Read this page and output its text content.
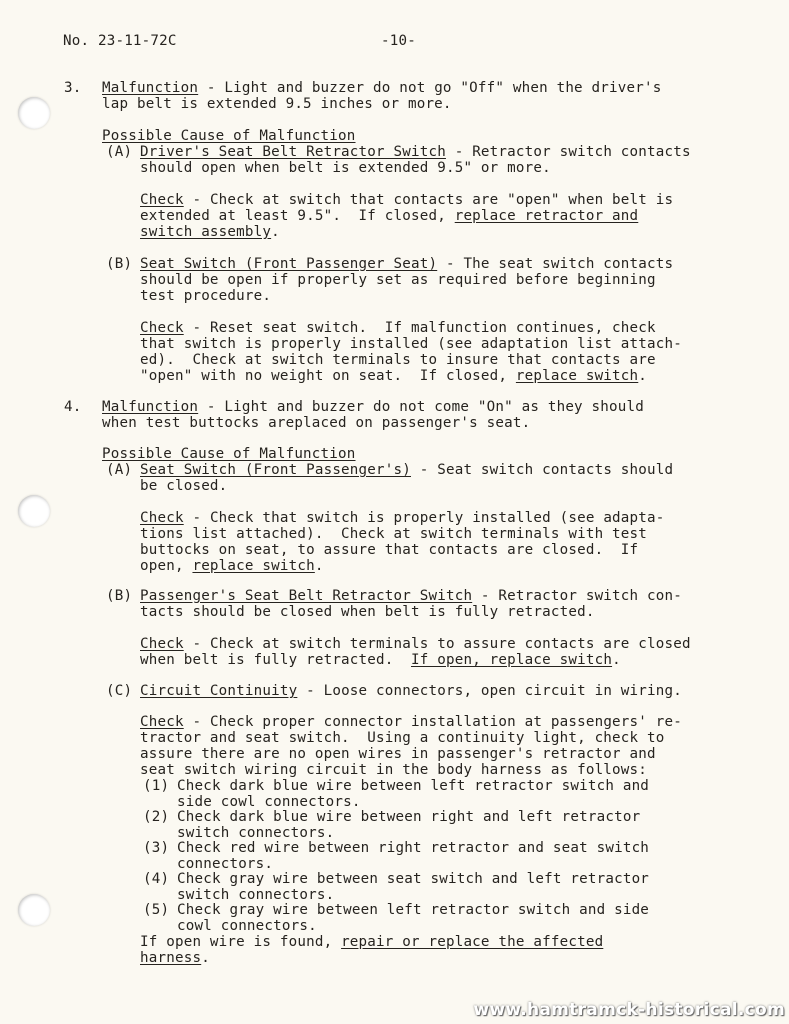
No. 23-11-72C	-10-
3. Malfunction - Light and buzzer do not go "Off" when the driver's
lap belt is extended 9.5 inches or more.
Possible Cause of Malfunction
(A) Driver's Seat Belt Retractor Switch - Retractor switch contacts
should open when belt is extended 9.5" or more.
Check - Check at switch that contacts are "open" when belt is
extended at least 9.5".  If closed, replace retractor and
switch assembly.
(B) Seat Switch (Front Passenger Seat) - The seat switch contacts
should be open if properly set as required before beginning
test procedure.
Check - Reset seat switch.  If malfunction continues, check
that switch is properly installed (see adaptation list attach-
ed).  Check at switch terminals to insure that contacts are
"open" with no weight on seat.  If closed, replace switch.
4. Malfunction - Light and buzzer do not come "On" as they should
when test buttocks areplaced on passenger's seat.
Possible Cause of Malfunction
(A) Seat Switch (Front Passenger's) - Seat switch contacts should
be closed.
Check - Check that switch is properly installed (see adapta-
tions list attached).  Check at switch terminals with test
buttocks on seat, to assure that contacts are closed.  If
open, replace switch.
(B) Passenger's Seat Belt Retractor Switch - Retractor switch con-
tacts should be closed when belt is fully retracted.
Check - Check at switch terminals to assure contacts are closed
when belt is fully retracted.  If open, replace switch.
(C) Circuit Continuity - Loose connectors, open circuit in wiring.
Check - Check proper connector installation at passengers' re-
tractor and seat switch.  Using a continuity light, check to
assure there are no open wires in passenger's retractor and
seat switch wiring circuit in the body harness as follows:
(1) Check dark blue wire between left retractor switch and
side cowl connectors.
(2) Check dark blue wire between right and left retractor
switch connectors.
(3) Check red wire between right retractor and seat switch
connectors.
(4) Check gray wire between seat switch and left retractor
switch connectors.
(5) Check gray wire between left retractor switch and side
cowl connectors.
If open wire is found, repair or replace the affected
harness.
www.hamtramck-historical.com
